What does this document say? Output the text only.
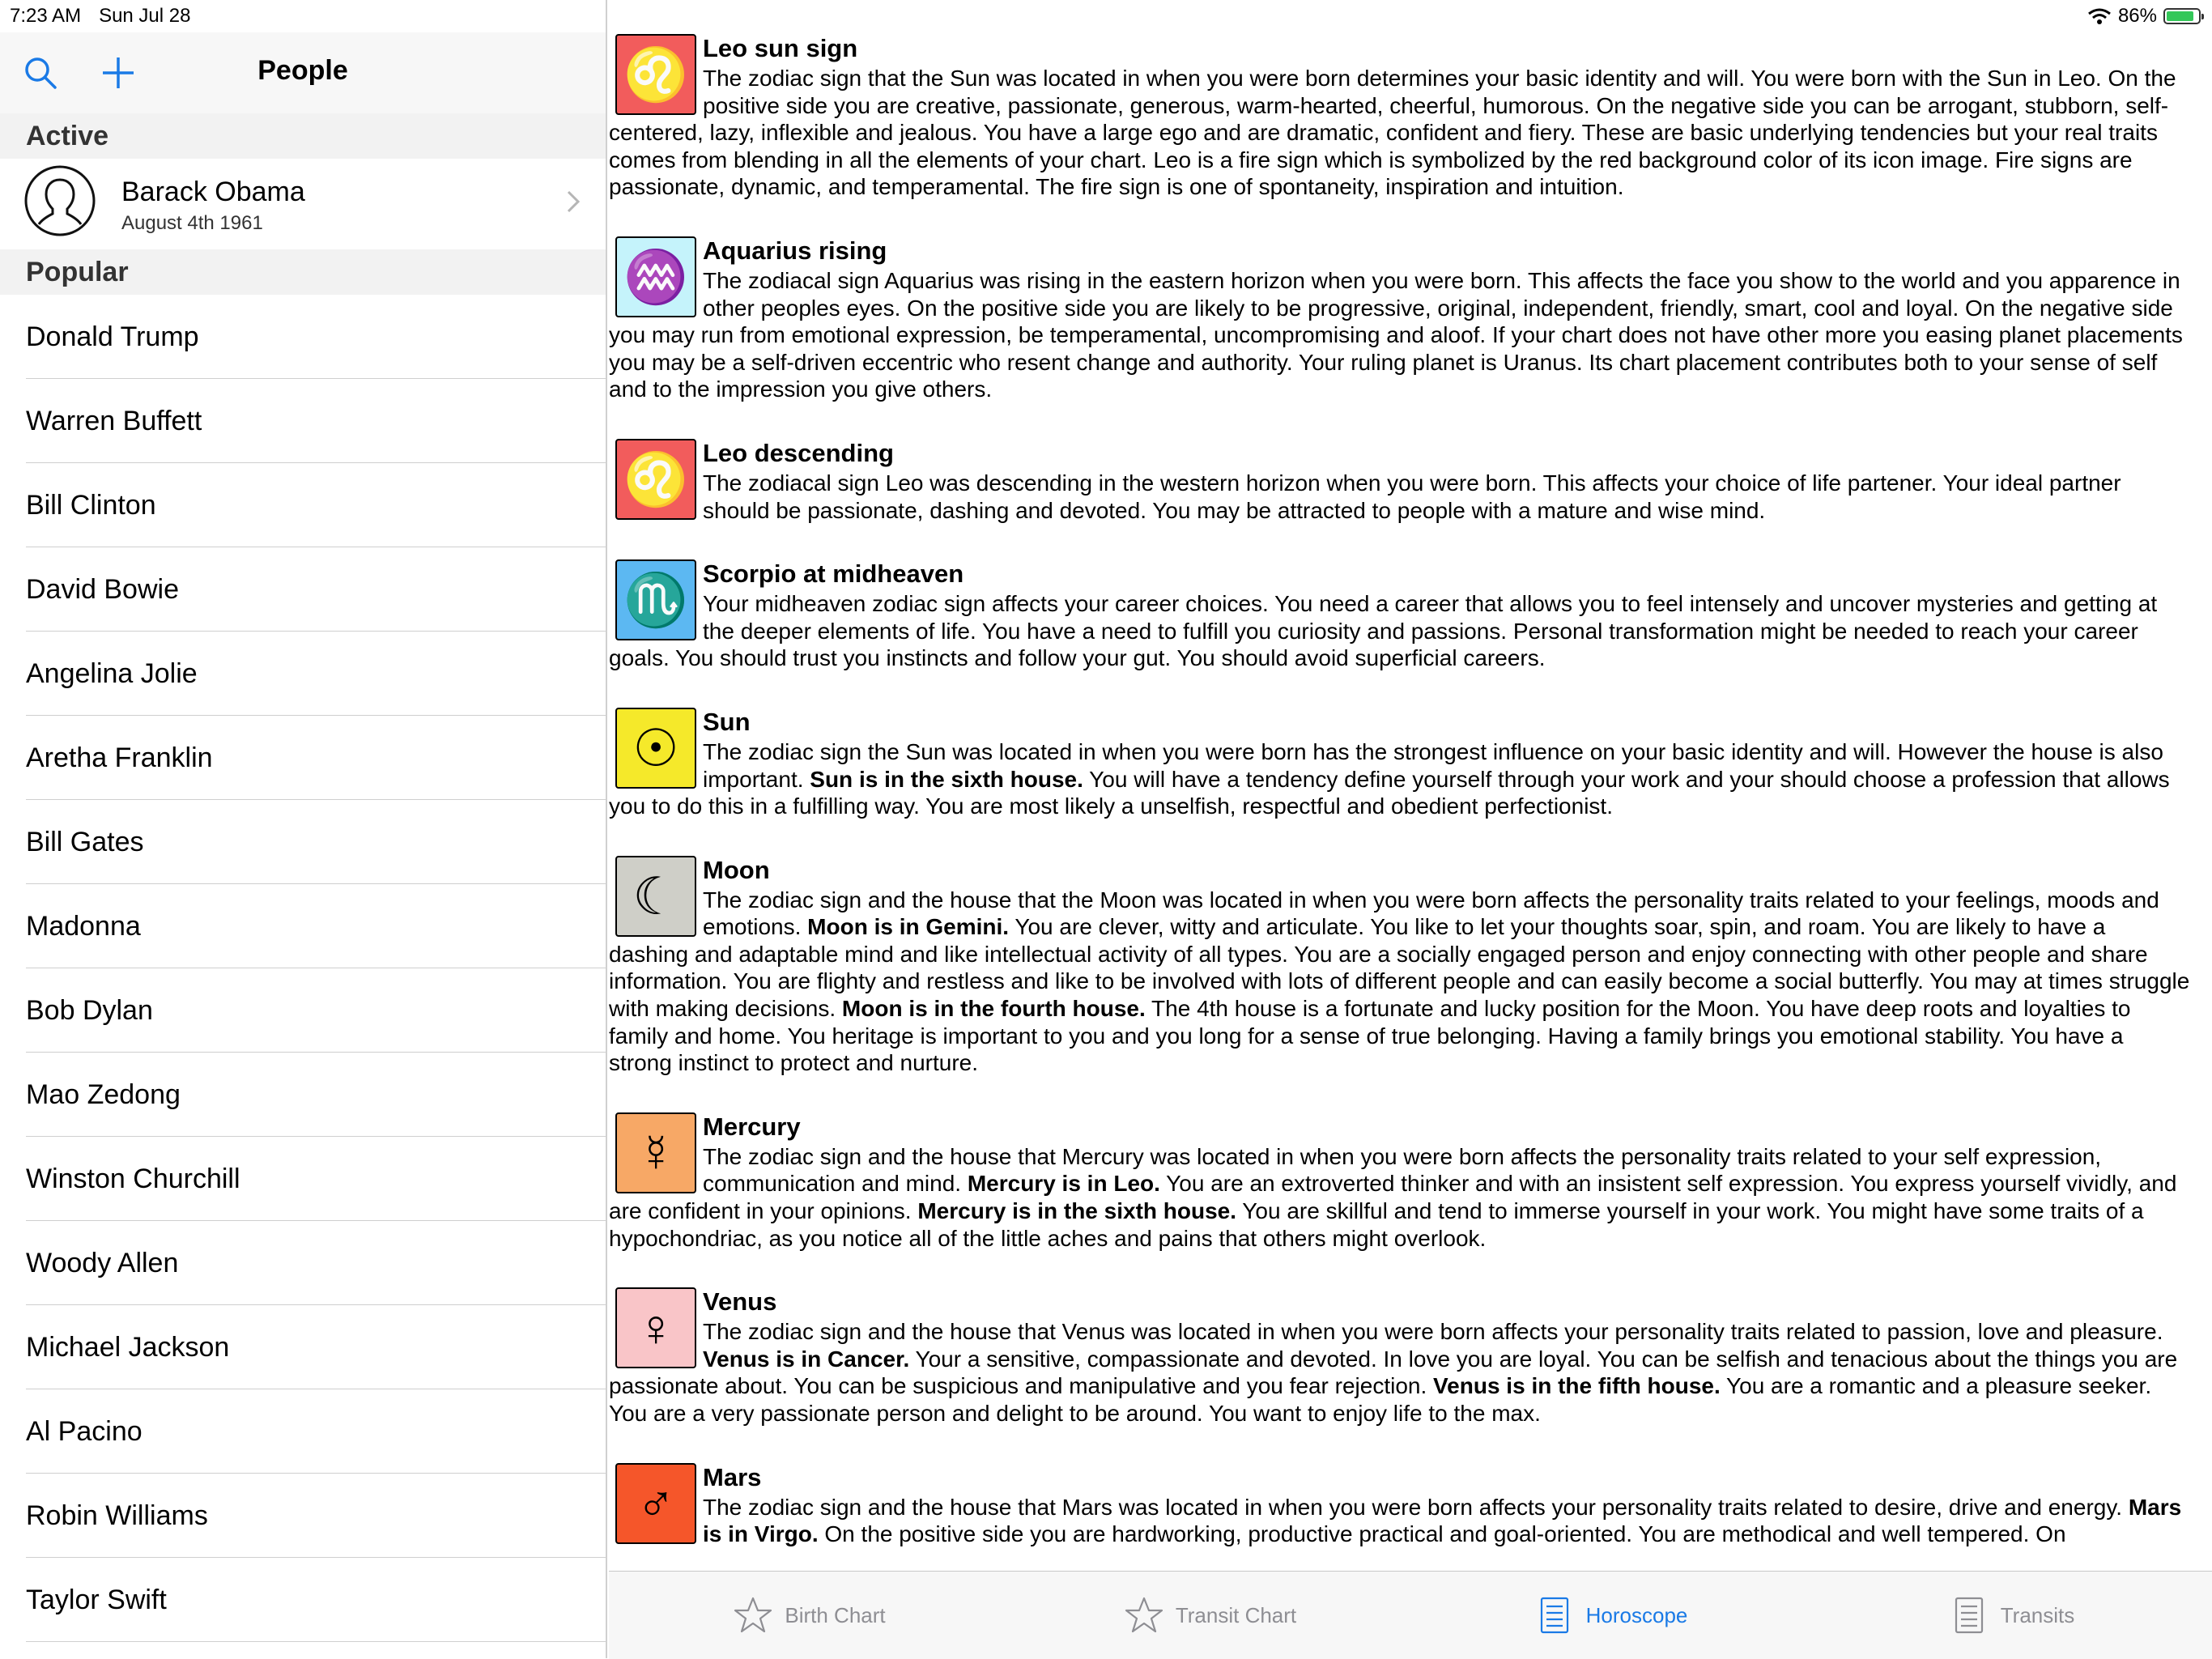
People
Active
Barack Obama
August 4th 1961
Popular
Donald Trump
Warren Buffett
Bill Clinton
David Bowie
Angelina Jolie
Aretha Franklin
Bill Gates
Madonna
Bob Dylan
Mao Zedong
Winston Churchill
Woody Allen
Michael Jackson
Al Pacino
Robin Williams
Taylor Swift
7:23 AM Sun Jul 28	86%
♌ Leo sun sign
The zodiac sign that the Sun was located in when you were born determines your basic identity and will. You were born with the Sun in Leo. On the positive side you are creative, passionate, generous, warm-hearted, cheerful, humorous. On the negative side you can be arrogant, stubborn, self-centered, lazy, inflexible and jealous. You have a large ego and are dramatic, confident and fiery. These are basic underlying tendencies but your real traits comes from blending in all the elements of your chart. Leo is a fire sign which is symbolized by the red background color of its icon image. Fire signs are passionate, dynamic, and temperamental. The fire sign is one of spontaneity, inspiration and intuition.
♒ Aquarius rising
The zodiacal sign Aquarius was rising in the eastern horizon when you were born. This affects the face you show to the world and you apparence in other peoples eyes. On the positive side you are likely to be progressive, original, independent, friendly, smart, cool and loyal. On the negative side you may run from emotional expression, be temperamental, uncompromising and aloof. If your chart does not have other more you easing planet placements you may be a self-driven eccentric who resent change and authority. Your ruling planet is Uranus. Its chart placement contributes both to your sense of self and to the impression you give others.
♌ Leo descending
The zodiacal sign Leo was descending in the western horizon when you were born. This affects your choice of life partener. Your ideal partner should be passionate, dashing and devoted. You may be attracted to people with a mature and wise mind.
♏ Scorpio at midheaven
Your midheaven zodiac sign affects your career choices. You need a career that allows you to feel intensely and uncover mysteries and getting at the deeper elements of life. You have a need to fulfill you curiosity and passions. Personal transformation might be needed to reach your career goals. You should trust you instincts and follow your gut. You should avoid superficial careers.
☉ Sun
The zodiac sign the Sun was located in when you were born has the strongest influence on your basic identity and will. However the house is also important. Sun is in the sixth house. You will have a tendency define yourself through your work and your should choose a profession that allows you to do this in a fulfilling way. You are most likely a unselfish, respectful and obedient perfectionist.
☾ Moon
The zodiac sign and the house that the Moon was located in when you were born affects the personality traits related to your feelings, moods and emotions. Moon is in Gemini. You are clever, witty and articulate. You like to let your thoughts soar, spin, and roam. You are likely to have a dashing and adaptable mind and like intellectual activity of all types. You are a socially engaged person and enjoy connecting with other people and share information. You are flighty and restless and like to be involved with lots of different people and can easily become a social butterfly. You may at times struggle with making decisions. Moon is in the fourth house. The 4th house is a fortunate and lucky position for the Moon. You have deep roots and loyalties to family and home. You heritage is important to you and you long for a sense of true belonging. Having a family brings you emotional stability. You have a strong instinct to protect and nurture.
☿	Mercury
The zodiac sign and the house that Mercury was located in when you were born affects the personality traits related to your self expression, communication and mind. Mercury is in Leo. You are an extroverted thinker and with an insistent self expression. You express yourself vividly, and are confident in your opinions. Mercury is in the sixth house. You are skillful and tend to immerse yourself in your work. You might have some traits of a hypochondriac, as you notice all of the little aches and pains that others might overlook.
♀	Venus
The zodiac sign and the house that Venus was located in when you were born affects your personality traits related to passion, love and pleasure. Venus is in Cancer. Your a sensitive, compassionate and devoted. In love you are loyal. You can be selfish and tenacious about the things you are passionate about. You can be suspicious and manipulative and you fear rejection. Venus is in the fifth house. You are a romantic and a pleasure seeker. You are a very passionate person and delight to be around. You want to enjoy life to the max.
♂	Mars
The zodiac sign and the house that Mars was located in when you were born affects your personality traits related to desire, drive and energy. Mars is in Virgo. On the positive side you are hardworking, productive practical and goal-oriented. You are methodical and well tempered. On
Birth Chart	Transit Chart	Horoscope	Transits
